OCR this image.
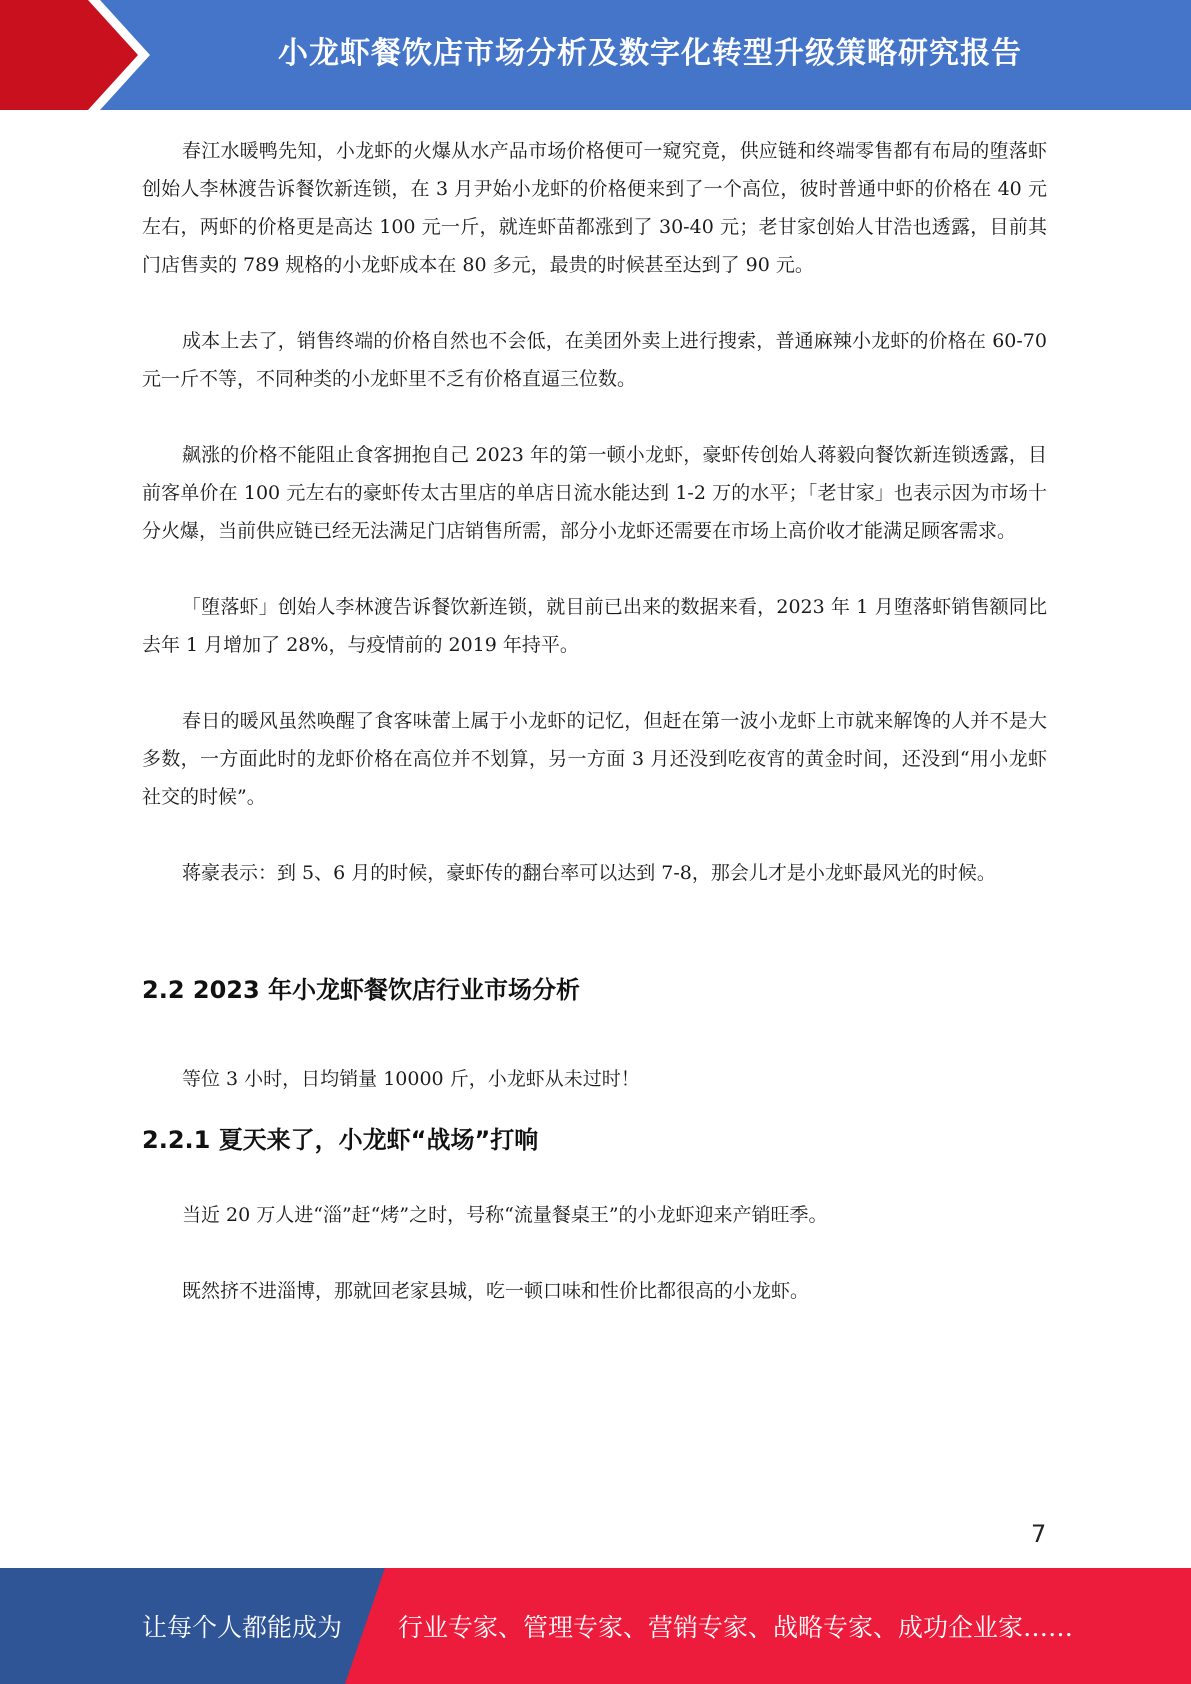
小龙虾餐饮店市场分析及数字化转型升级策略研究报告

春江水暖鸭先知，小龙虾的火爆从水产品市场价格便可一窥究竟，供应链和终端零售都有布局的堕落虾创始人李林渡告诉餐饮新连锁，在 3 月尹始小龙虾的价格便来到了一个高位，彼时普通中虾的价格在 40 元左右，两虾的价格更是高达 100 元一斤，就连虾苗都涨到了 30-40 元；老甘家创始人甘浩也透露，目前其门店售卖的 789 规格的小龙虾成本在 80 多元，最贵的时候甚至达到了 90 元。

成本上去了，销售终端的价格自然也不会低，在美团外卖上进行搜索，普通麻辣小龙虾的价格在 60-70 元一斤不等，不同种类的小龙虾里不乏有价格直逼三位数。

飙涨的价格不能阻止食客拥抱自己 2023 年的第一顿小龙虾，豪虾传创始人蒋毅向餐饮新连锁透露，目前客单价在 100 元左右的豪虾传太古里店的单店日流水能达到 1-2 万的水平；「老甘家」也表示因为市场十分火爆，当前供应链已经无法满足门店销售所需，部分小龙虾还需要在市场上高价收才能满足顾客需求。

「堕落虾」创始人李林渡告诉餐饮新连锁，就目前已出来的数据来看，2023 年 1 月堕落虾销售额同比去年 1 月增加了 28%，与疫情前的 2019 年持平。

春日的暖风虽然唤醒了食客味蕾上属于小龙虾的记忆，但赶在第一波小龙虾上市就来解馋的人并不是大多数，一方面此时的龙虾价格在高位并不划算，另一方面 3 月还没到吃夜宵的黄金时间，还没到“用小龙虾社交的时候”。

蒋豪表示：到 5、6 月的时候，豪虾传的翻台率可以达到 7-8，那会儿才是小龙虾最风光的时候。

2.2 2023 年小龙虾餐饮店行业市场分析

等位 3 小时，日均销量 10000 斤，小龙虾从未过时！

2.2.1 夏天来了，小龙虾“战场”打响

当近 20 万人进“淄”赶“烤”之时，号称“流量餐桌王”的小龙虾迎来产销旺季。

既然挤不进淄博，那就回老家县城，吃一顿口味和性价比都很高的小龙虾。

7
让每个人都能成为 行业专家、管理专家、营销专家、战略专家、成功企业家……
